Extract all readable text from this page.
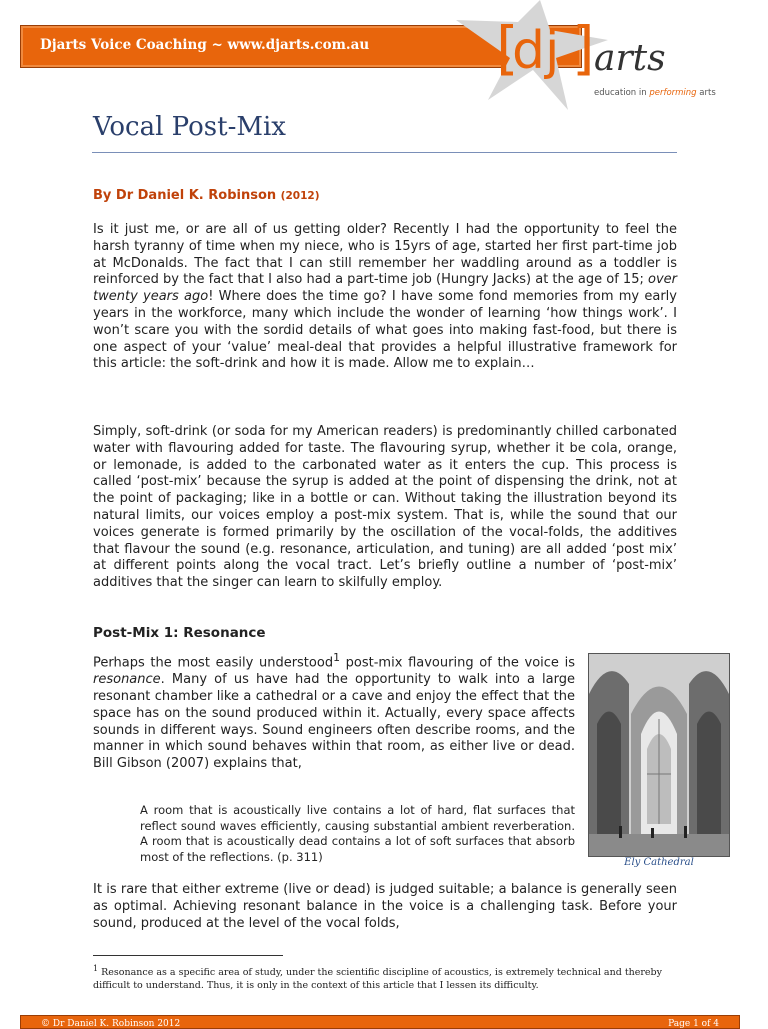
Djarts Voice Coaching ~ www.djarts.com.au [
dj ] arts
education in performing arts
Vocal Post-Mix
By Dr Daniel K. Robinson (2012)

Is it just me, or are all of us getting older? Recently I had the opportunity to feel the harsh tyranny of time when my niece, who is 15yrs of age, started her first part-time job at McDonalds. The fact that I can still remember her waddling around as a toddler is reinforced by the fact that I also had a part-time job (Hungry Jacks) at the age of 15; over twenty years ago! Where does the time go? I have some fond memories from my early years in the workforce, many which include the wonder of learning ‘how things work’. I won’t scare you with the sordid details of what goes into making fast-food, but there is one aspect of your ‘value’ meal-deal that provides a helpful illustrative framework for this article: the soft-drink and how it is made. Allow me to explain…

Simply, soft-drink (or soda for my American readers) is predominantly chilled carbonated water with flavouring added for taste. The flavouring syrup, whether it be cola, orange, or lemonade, is added to the carbonated water as it enters the cup. This process is called ‘post-mix’ because the syrup is added at the point of dispensing the drink, not at the point of packaging; like in a bottle or can. Without taking the illustration beyond its natural limits, our voices employ a post-mix system. That is, while the sound that our voices generate is formed primarily by the oscillation of the vocal-folds, the additives that flavour the sound (e.g. resonance, articulation, and tuning) are all added ‘post mix’ at different points along the vocal tract. Let’s briefly outline a number of ‘post-mix’ additives that the singer can learn to skilfully employ.

Post-Mix 1: Resonance

Perhaps the most easily understood$^1$ post-mix flavouring of the voice is resonance. Many of us have had the opportunity to walk into a large resonant chamber like a cathedral or a cave and enjoy the effect that the space has on the sound produced within it. Actually, every space affects sounds in different ways. Sound engineers often describe rooms, and the manner in which sound behaves within that room, as either live or dead. Bill Gibson (2007) explains that,

A room that is acoustically live contains a lot of hard, flat surfaces that reflect sound waves efficiently, causing substantial ambient reverberation. A room that is acoustically dead contains a lot of soft surfaces that absorb most of the reflections. (p. 311)	Ely Cathedral

It is rare that either extreme (live or dead) is judged suitable; a balance is generally seen as optimal. Achieving resonant balance in the voice is a challenging task. Before your sound, produced at the level of the vocal folds,

$^1$ Resonance as a specific area of study, under the scientific discipline of acoustics, is extremely technical and thereby difficult to understand. Thus, it is only in the context of this article that I lessen its difficulty.

© Dr Daniel K. Robinson 2012	Page 1 of 4
